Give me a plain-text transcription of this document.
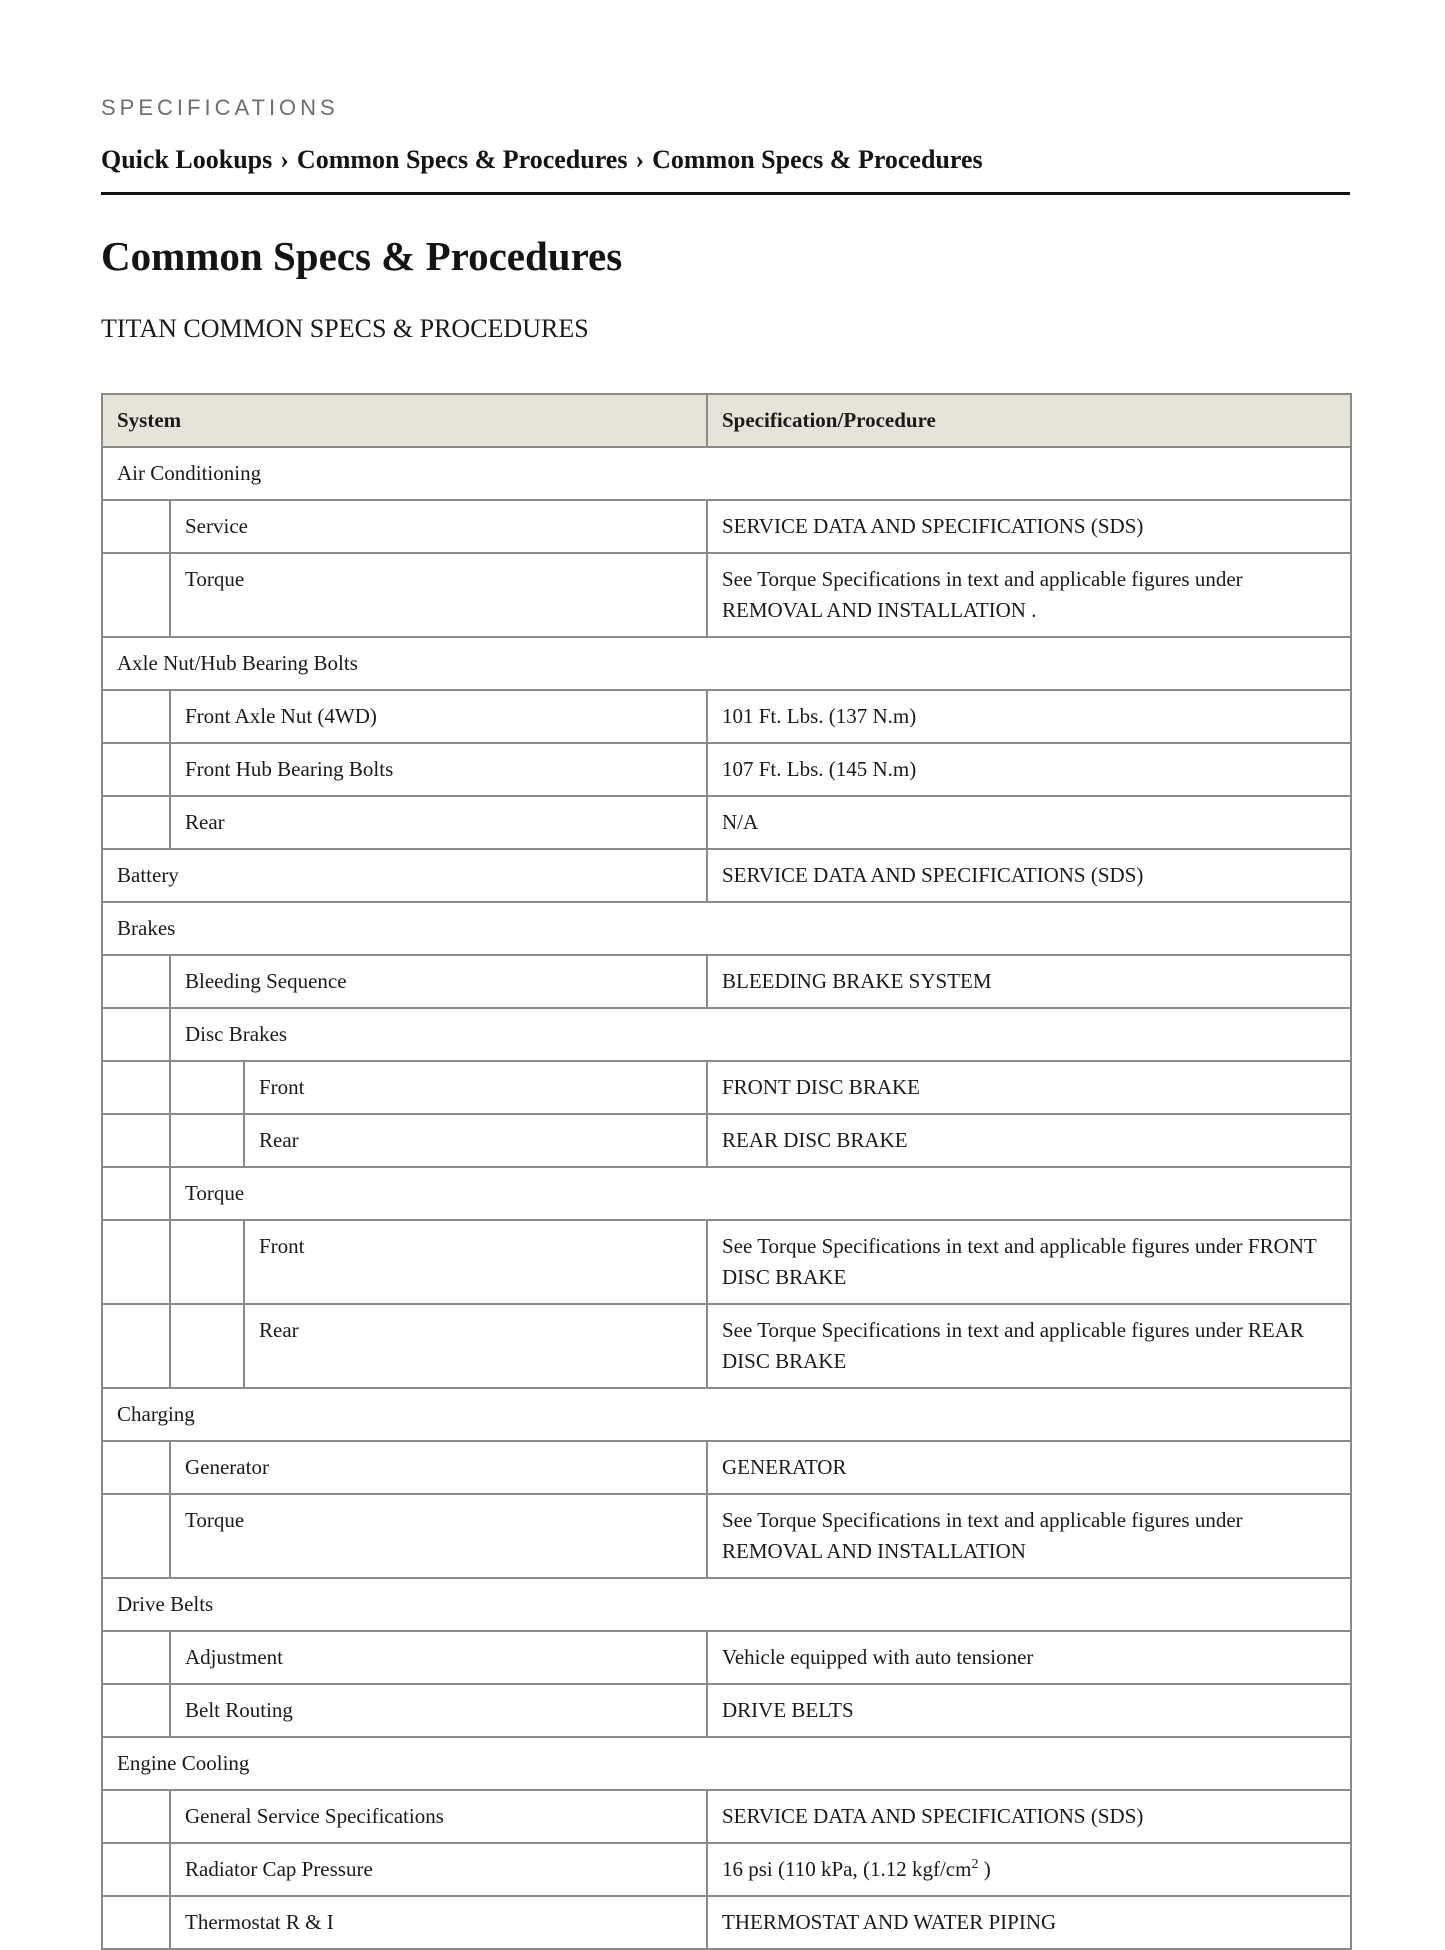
SPECIFICATIONS

Quick Lookups › Common Specs & Procedures › Common Specs & Procedures
Common Specs & Procedures
TITAN COMMON SPECS & PROCEDURES
System			Specification/Procedure
Air Conditioning			
	Service		SERVICE DATA AND SPECIFICATIONS (SDS)
	Torque		See Torque Specifications in text and applicable figures under REMOVAL AND INSTALLATION .
Axle Nut/Hub Bearing Bolts			
	Front Axle Nut (4WD)		101 Ft. Lbs. (137 N.m)
	Front Hub Bearing Bolts		107 Ft. Lbs. (145 N.m)
	Rear		N/A
Battery			SERVICE DATA AND SPECIFICATIONS (SDS)
Brakes			
	Bleeding Sequence		BLEEDING BRAKE SYSTEM
	Disc Brakes		
		Front	FRONT DISC BRAKE
		Rear	REAR DISC BRAKE
	Torque		
		Front	See Torque Specifications in text and applicable figures under FRONT DISC BRAKE
		Rear	See Torque Specifications in text and applicable figures under REAR DISC BRAKE
Charging			
	Generator		GENERATOR
	Torque		See Torque Specifications in text and applicable figures under REMOVAL AND INSTALLATION
Drive Belts			
	Adjustment		Vehicle equipped with auto tensioner
	Belt Routing		DRIVE BELTS
Engine Cooling			
	General Service Specifications		SERVICE DATA AND SPECIFICATIONS (SDS)
	Radiator Cap Pressure		16 psi (110 kPa, (1.12 kgf/$cm^2$ )
	Thermostat R & I		THERMOSTAT AND WATER PIPING
